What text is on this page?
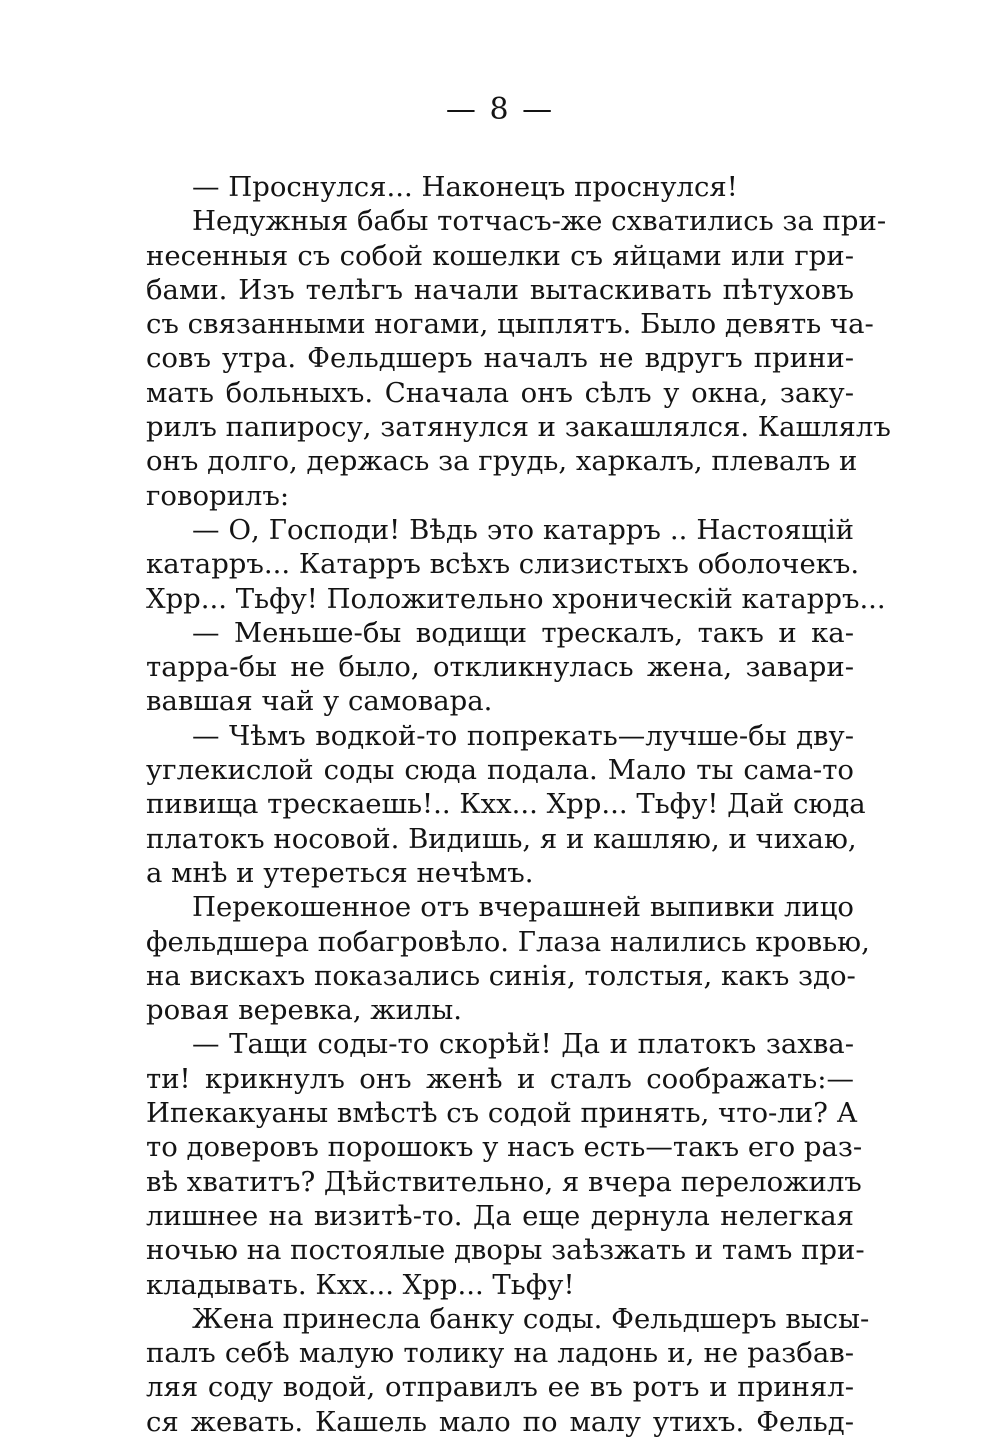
— 8 —
— Проснулся... Наконецъ проснулся!
Недужныя бабы тотчасъ-же схватились за при-
несенныя съ собой кошелки съ яйцами или гри-
бами. Изъ телѣгъ начали вытаскивать пѣтуховъ
съ связанными ногами, цыплятъ. Было девять ча-
совъ утра. Фельдшеръ началъ не вдругъ прини-
мать больныхъ. Сначала онъ сѣлъ у окна, заку-
рилъ папиросу, затянулся и закашлялся. Кашлялъ
онъ долго, держась за грудь, харкалъ, плевалъ и
говорилъ:
— О, Господи! Вѣдь это катарръ .. Настоящій
катарръ... Катарръ всѣхъ слизистыхъ оболочекъ.
Хрр... Тьфу! Положительно хроническій катарръ...
— Меньше-бы водищи трескалъ, такъ и ка-
тарра-бы не было, откликнулась жена, завари-
вавшая чай у самовара.
— Чѣмъ водкой-то попрекать—лучше-бы дву-
углекислой соды сюда подала. Мало ты сама-то
пивища трескаешь!.. Кхх... Хрр... Тьфу! Дай сюда
платокъ носовой. Видишь, я и кашляю, и чихаю,
а мнѣ и утереться нечѣмъ.
Перекошенное отъ вчерашней выпивки лицо
фельдшера побагровѣло. Глаза налились кровью,
на вискахъ показались синія, толстыя, какъ здо-
ровая веревка, жилы.
— Тащи соды-то скорѣй! Да и платокъ захва-
ти! крикнулъ онъ женѣ и сталъ соображать:—
Ипекакуаны вмѣстѣ съ содой принять, что-ли? А
то доверовъ порошокъ у насъ есть—такъ его раз-
вѣ хватитъ? Дѣйствительно, я вчера переложилъ
лишнее на визитѣ-то. Да еще дернула нелегкая
ночью на постоялые дворы заѣзжать и тамъ при-
кладывать. Кхх... Хрр... Тьфу!
Жена принесла банку соды. Фельдшеръ высы-
палъ себѣ малую толику на ладонь и, не разбав-
ляя соду водой, отправилъ ее въ ротъ и принял-
ся жевать. Кашель мало по малу утихъ. Фельд-
